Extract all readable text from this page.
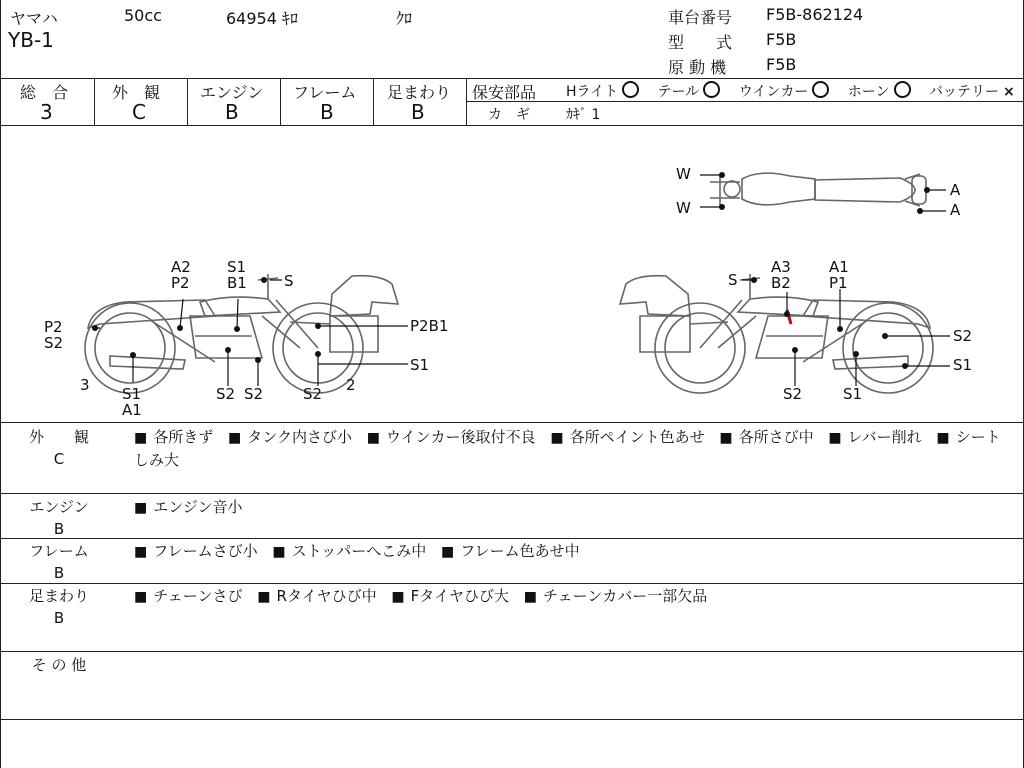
ヤマハ	50cc	64954 ｷﾛ	ｸﾛ
YB-1
車台番号 F5B-862124
型　　式 F5B
原 動 機 F5B
総　合
3
外　観
C
エンジン
B
フレーム
B
足まわり
B
保安部品 Hライト	テール	ウインカー	ホーン	バッテリー ×
カ　ギ	ｶｷﾞ 1
W
W
A
A
A2
P2
S1
B1 S
P2
S2
P2B1
S1
S1
A1
S2 S2	S2
3	2
S
A3
B2
A1
P1
S2
S1
S2	S1
外　　観
C
■ 各所きず ■ タンク内さび小 ■ ウインカー後取付不良 ■ 各所ペイント色あせ ■ 各所さび中 ■ レバー削れ ■ シートしみ大
エンジン
B
■ エンジン音小
フレーム
B
■ フレームさび小 ■ ストッパーへこみ中 ■ フレーム色あせ中
足まわり
B
■ チェーンさび ■ Rタイヤひび中 ■ Fタイヤひび大 ■ チェーンカバー一部欠品
そ の 他
